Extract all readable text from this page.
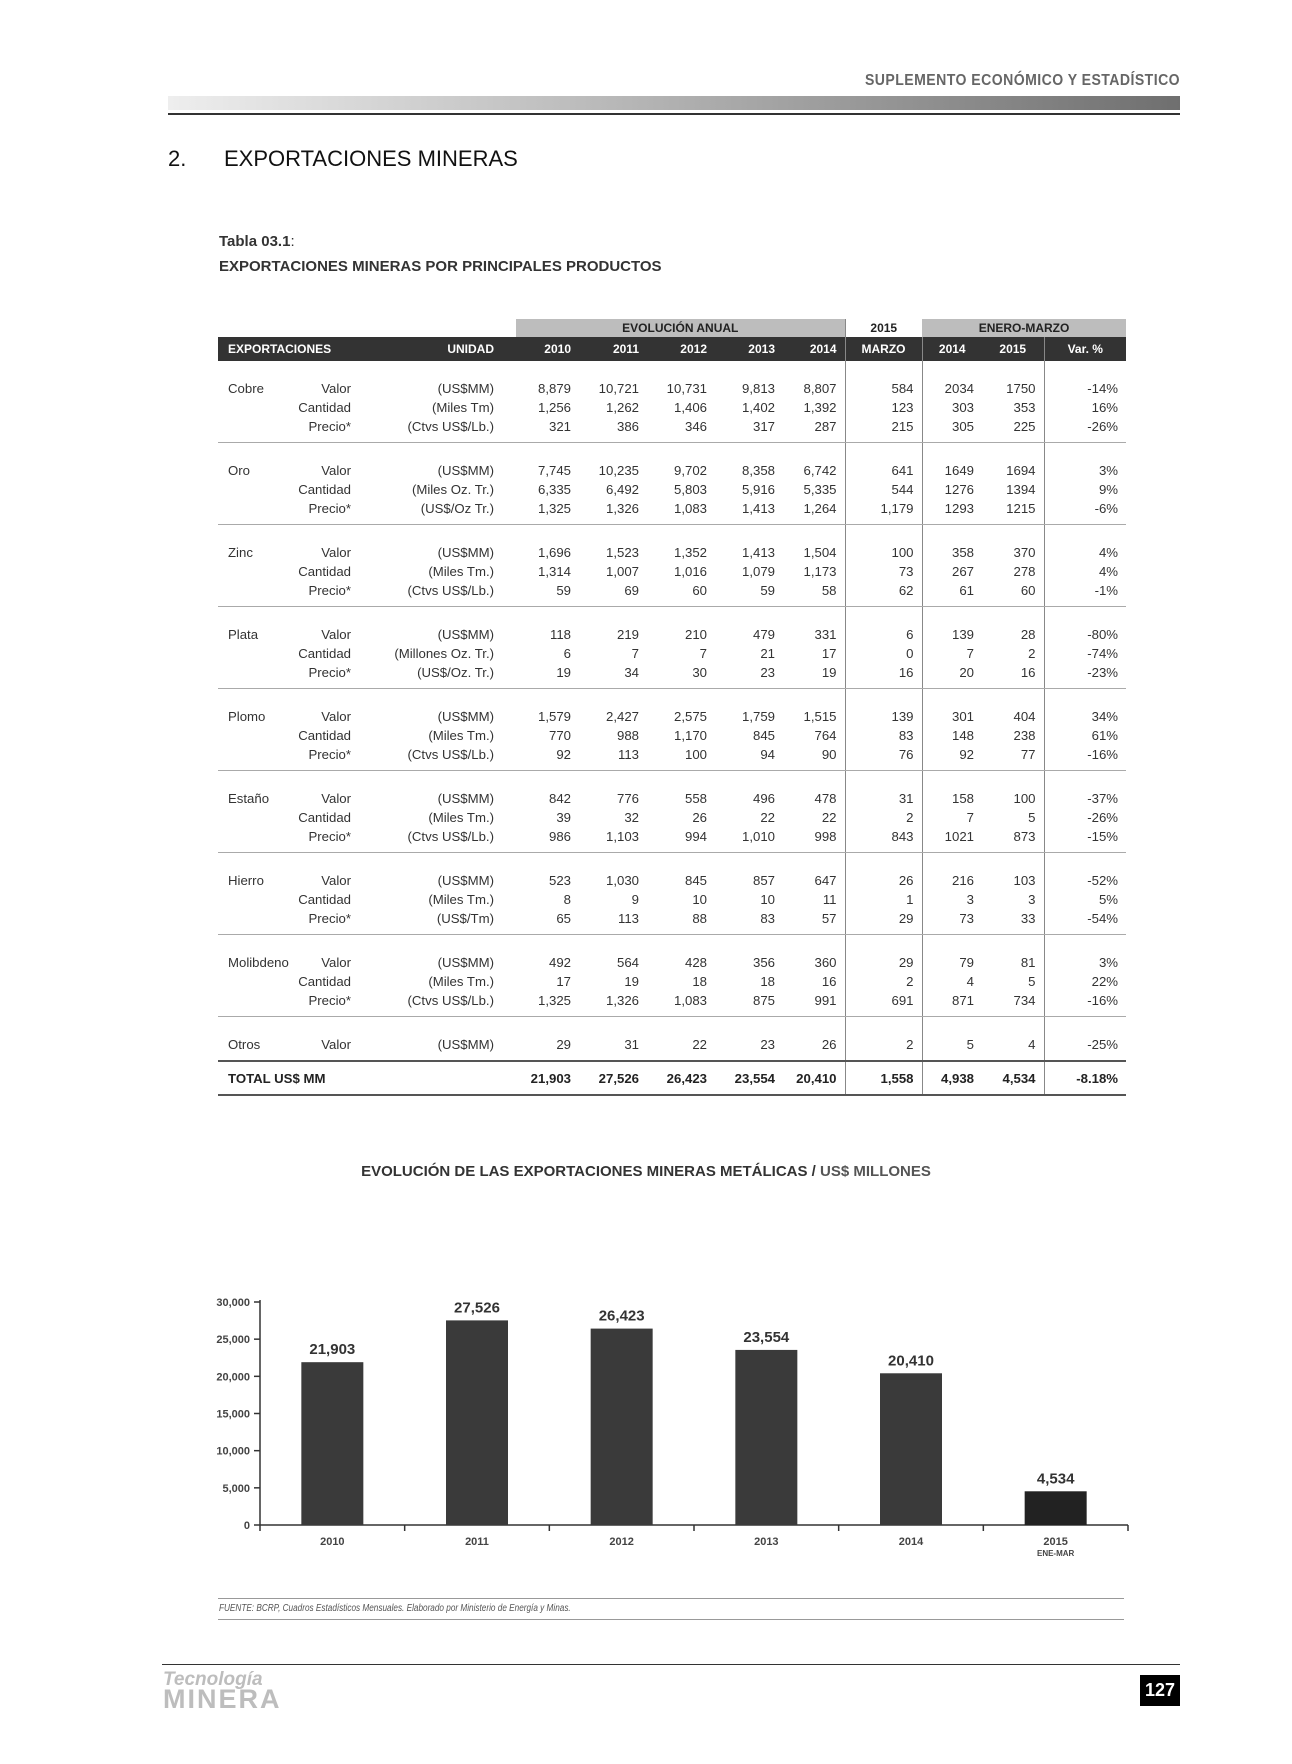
SUPLEMENTO ECONÓMICO Y ESTADÍSTICO
2. EXPORTACIONES MINERAS
Tabla 03.1:
EXPORTACIONES MINERAS POR PRINCIPALES PRODUCTOS
			EVOLUCIÓN ANUAL					2015	ENERO-MARZO		
EXPORTACIONES		UNIDAD	2010	2011	2012	2013	2014	MARZO	2014	2015	Var. %
Cobre	Valor	(US$MM)	8,879	10,721	10,731	9,813	8,807	584	2034	1750	-14%
	Cantidad	(Miles Tm)	1,256	1,262	1,406	1,402	1,392	123	303	353	16%
	Precio*	(Ctvs US$/Lb.)	321	386	346	317	287	215	305	225	-26%
Oro	Valor	(US$MM)	7,745	10,235	9,702	8,358	6,742	641	1649	1694	3%
	Cantidad	(Miles Oz. Tr.)	6,335	6,492	5,803	5,916	5,335	544	1276	1394	9%
	Precio*	(US$/Oz Tr.)	1,325	1,326	1,083	1,413	1,264	1,179	1293	1215	-6%
Zinc	Valor	(US$MM)	1,696	1,523	1,352	1,413	1,504	100	358	370	4%
	Cantidad	(Miles Tm.)	1,314	1,007	1,016	1,079	1,173	73	267	278	4%
	Precio*	(Ctvs US$/Lb.)	59	69	60	59	58	62	61	60	-1%
Plata	Valor	(US$MM)	118	219	210	479	331	6	139	28	-80%
	Cantidad	(Millones Oz. Tr.)	6	7	7	21	17	0	7	2	-74%
	Precio*	(US$/Oz. Tr.)	19	34	30	23	19	16	20	16	-23%
Plomo	Valor	(US$MM)	1,579	2,427	2,575	1,759	1,515	139	301	404	34%
	Cantidad	(Miles Tm.)	770	988	1,170	845	764	83	148	238	61%
	Precio*	(Ctvs US$/Lb.)	92	113	100	94	90	76	92	77	-16%
Estaño	Valor	(US$MM)	842	776	558	496	478	31	158	100	-37%
	Cantidad	(Miles Tm.)	39	32	26	22	22	2	7	5	-26%
	Precio*	(Ctvs US$/Lb.)	986	1,103	994	1,010	998	843	1021	873	-15%
Hierro	Valor	(US$MM)	523	1,030	845	857	647	26	216	103	-52%
	Cantidad	(Miles Tm.)	8	9	10	10	11	1	3	3	5%
	Precio*	(US$/Tm)	65	113	88	83	57	29	73	33	-54%
Molibdeno	Valor	(US$MM)	492	564	428	356	360	29	79	81	3%
	Cantidad	(Miles Tm.)	17	19	18	18	16	2	4	5	22%
	Precio*	(Ctvs US$/Lb.)	1,325	1,326	1,083	875	991	691	871	734	-16%
Otros	Valor	(US$MM)	29	31	22	23	26	2	5	4	-25%
TOTAL US$ MM			21,903	27,526	26,423	23,554	20,410	1,558	4,938	4,534	-8.18%
EVOLUCIÓN DE LAS EXPORTACIONES MINERAS METÁLICAS / US$ MILLONES
0
5,000
10,000
15,000
20,000
25,000
30,000
21,903
2010
27,526
2011
26,423
2012
23,554
2013
20,410
2014
4,534
2015
ENE-MAR
FUENTE: BCRP, Cuadros Estadísticos Mensuales. Elaborado por Ministerio de Energía y Minas.
Tecnología
MINERA	127
